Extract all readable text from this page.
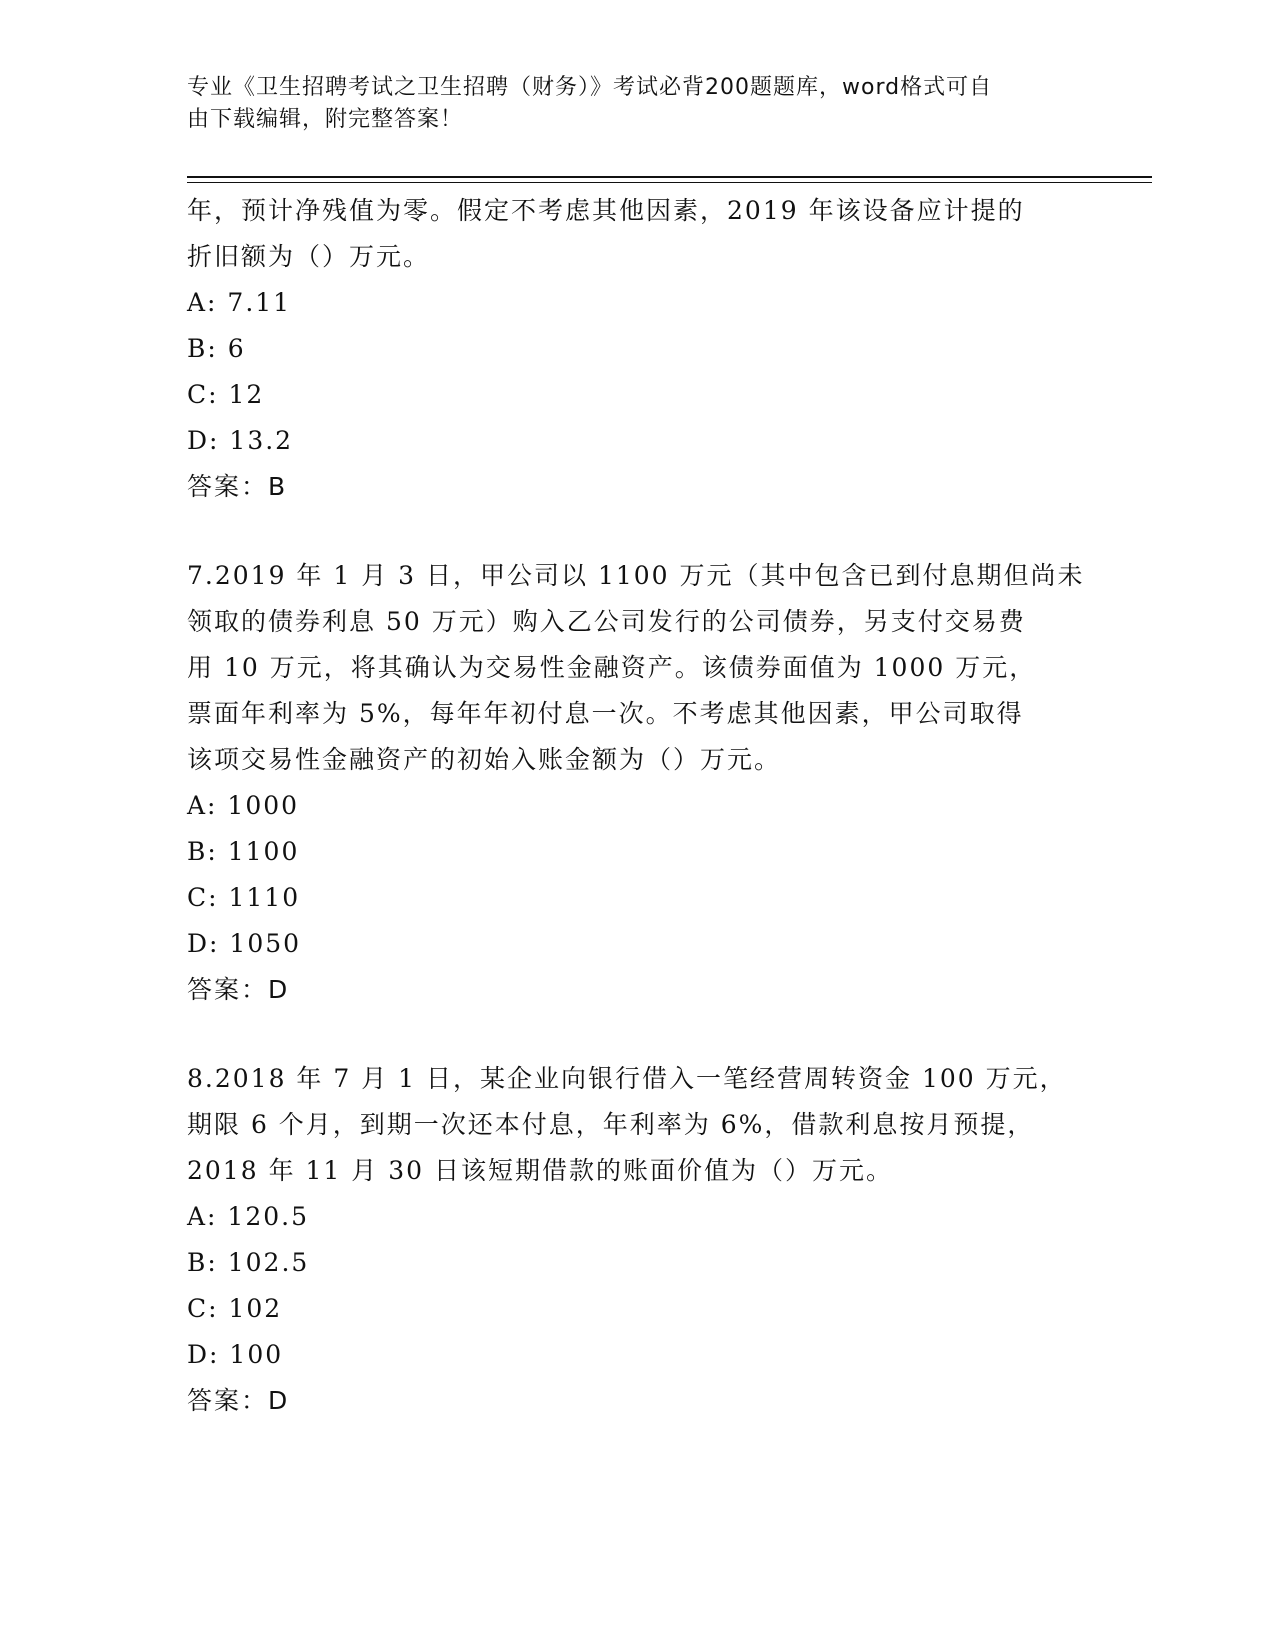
专业《卫生招聘考试之卫生招聘（财务）》考试必背200题题库，word格式可自
由下载编辑，附完整答案！
年，预计净残值为零。假定不考虑其他因素，2019 年该设备应计提的
折旧额为（）万元。
A: 7.11
B: 6
C: 12
D: 13.2
答案：B
7.2019 年 1 月 3 日，甲公司以 1100 万元（其中包含已到付息期但尚未
领取的债券利息 50 万元）购入乙公司发行的公司债券，另支付交易费
用 10 万元，将其确认为交易性金融资产。该债券面值为 1000 万元，
票面年利率为 5%，每年年初付息一次。不考虑其他因素，甲公司取得
该项交易性金融资产的初始入账金额为（）万元。
A: 1000
B: 1100
C: 1110
D: 1050
答案：D
8.2018 年 7 月 1 日，某企业向银行借入一笔经营周转资金 100 万元，
期限 6 个月，到期一次还本付息，年利率为 6%，借款利息按月预提，
2018 年 11 月 30 日该短期借款的账面价值为（）万元。
A: 120.5
B: 102.5
C: 102
D: 100
答案：D
